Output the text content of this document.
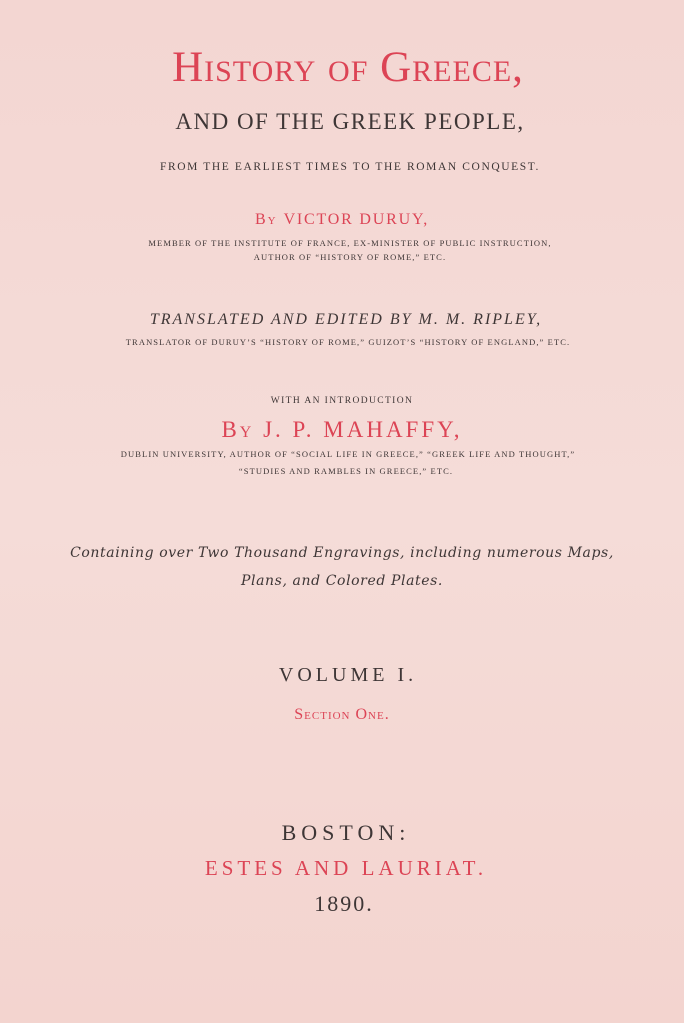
History of Greece,
AND OF THE GREEK PEOPLE,
FROM THE EARLIEST TIMES TO THE ROMAN CONQUEST.
By VICTOR DURUY,
MEMBER OF THE INSTITUTE OF FRANCE, EX-MINISTER OF PUBLIC INSTRUCTION,
AUTHOR OF “HISTORY OF ROME,” ETC.
TRANSLATED AND EDITED BY M. M. RIPLEY,
TRANSLATOR OF DURUY’S “HISTORY OF ROME,” GUIZOT’S “HISTORY OF ENGLAND,” ETC.
WITH AN INTRODUCTION
By J. P. MAHAFFY,
DUBLIN UNIVERSITY, AUTHOR OF “SOCIAL LIFE IN GREECE,” “GREEK LIFE AND THOUGHT,”
“STUDIES AND RAMBLES IN GREECE,” ETC.
Containing over Two Thousand Engravings, including numerous Maps,
Plans, and Colored Plates.
VOLUME I.
Section One.
BOSTON:
ESTES AND LAURIAT.
1890.
